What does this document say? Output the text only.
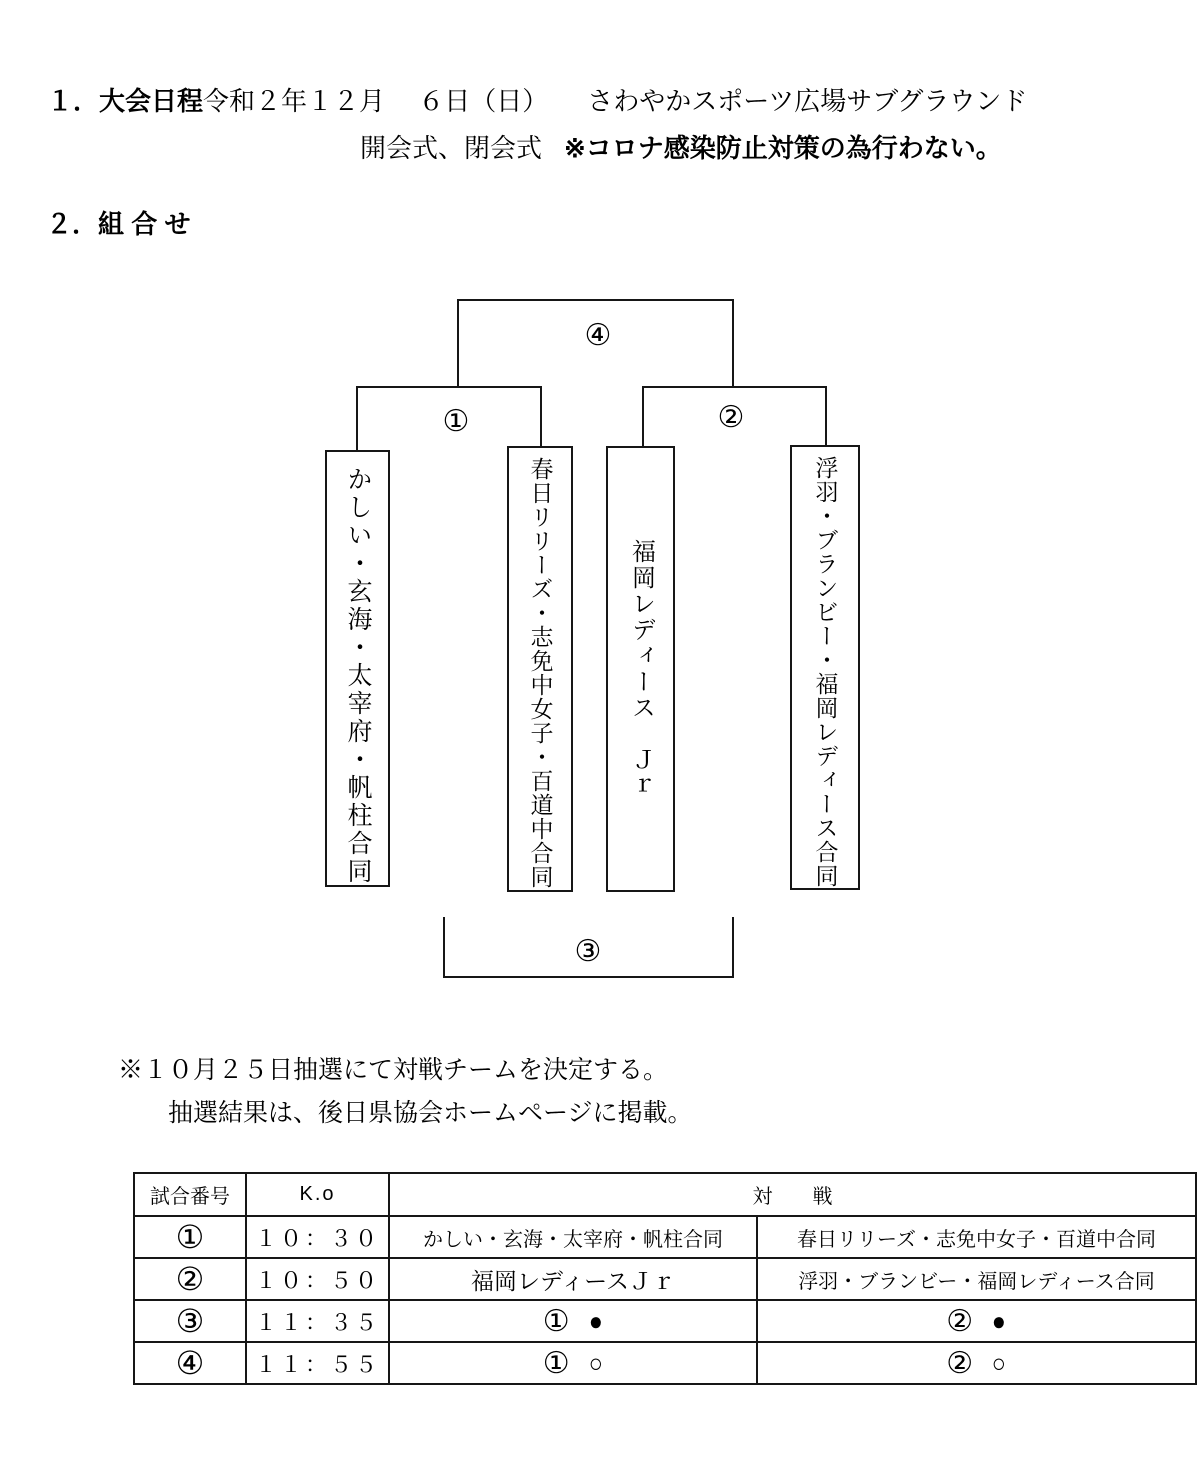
１．大会日程令和２年１２月　 ６日（日）　　さわやかスポーツ広場サブグラウンド
開会式、閉会式 ※コロナ感染防止対策の為行わない。
２．組 合 せ
④
①	②
③
かしい・玄海・太宰府・帆柱合同	春日リリーズ・志免中女子・百道中合同	福岡レディース　Ｊｒ	浮羽・ブランビー・福岡レディース合同
※１０月２５日抽選にて対戦チームを決定する。
抽選結果は、後日県協会ホームページに掲載。
試合番号	K.o	対　　戦	
①	１０：３０	かしい・玄海・太宰府・帆柱合同	春日リリーズ・志免中女子・百道中合同
②	１０：５０	福岡レディースＪｒ	浮羽・ブランビー・福岡レディース合同
③	１１：３５	① ●	② ●
④	１１：５５	① ○	② ○
